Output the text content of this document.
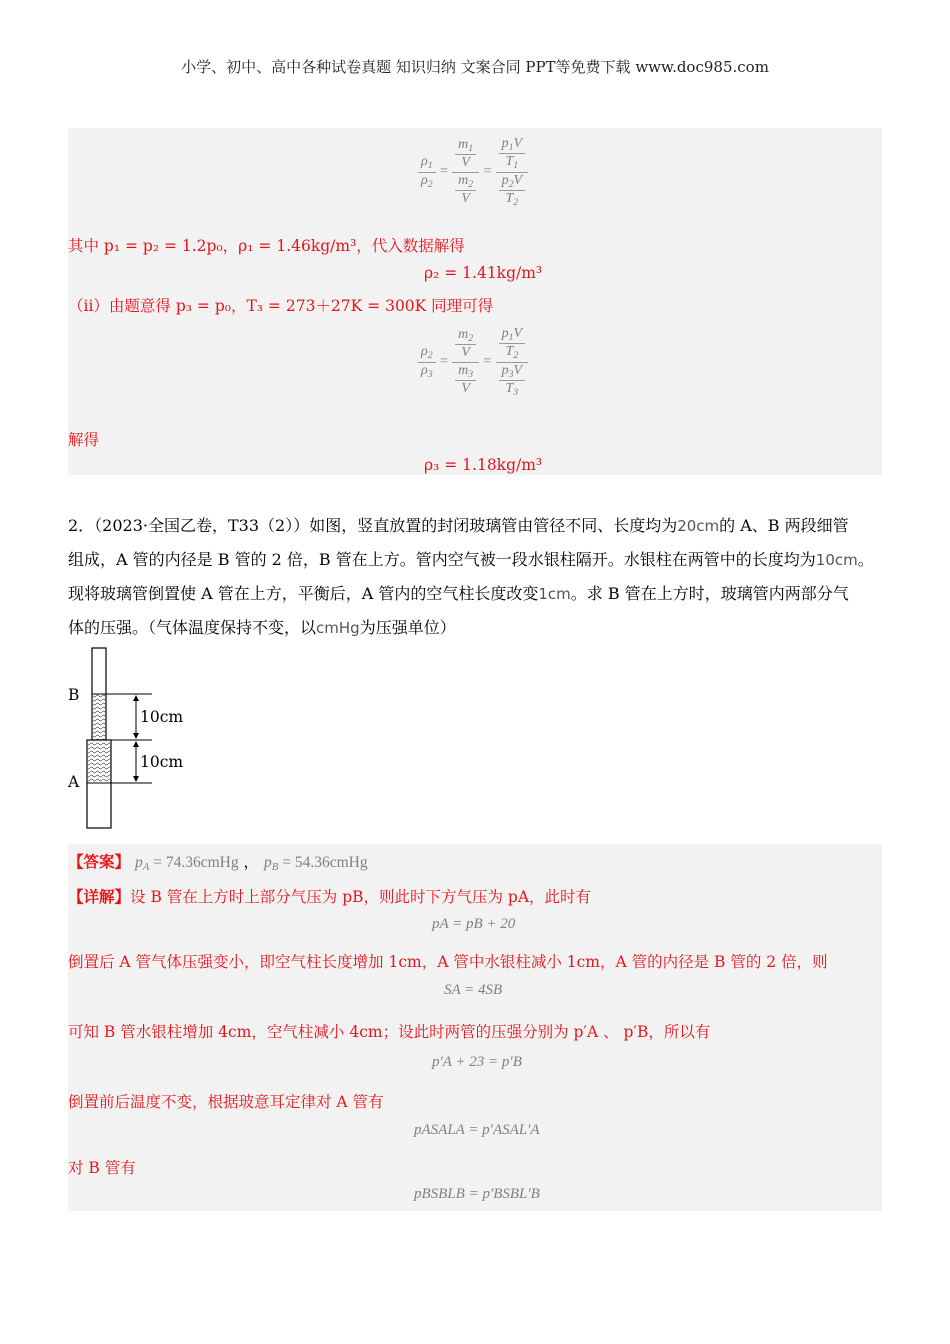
小学、初中、高中各种试卷真题 知识归纳 文案合同 PPT等免费下载 www.doc985.com
$\frac{\rho_1}{\rho_2} = \frac{\frac{m_1}{V}}{\frac{m_2}{V}} = \frac{\frac{p_1V}{T_1}}{\frac{p_2V}{T_2}}$
其中 p₁ = p₂ = 1.2p₀，ρ₁ = 1.46kg/m³，代入数据解得
ρ₂ = 1.41kg/m³
（ii）由题意得 p₃ = p₀，T₃ = 273＋27K = 300K 同理可得
$\frac{\rho_2}{\rho_3} = \frac{\frac{m_2}{V}}{\frac{m_3}{V}} = \frac{\frac{p_1V}{T_2}}{\frac{p_3V}{T_3}}$
解得
ρ₃ = 1.18kg/m³
2．（2023·全国乙卷，T33（2））如图，竖直放置的封闭玻璃管由管径不同、长度均为20cm的 A、B 两段细管
组成，A 管的内径是 B 管的 2 倍，B 管在上方。管内空气被一段水银柱隔开。水银柱在两管中的长度均为10cm。
现将玻璃管倒置使 A 管在上方，平衡后，A 管内的空气柱长度改变1cm。求 B 管在上方时，玻璃管内两部分气
体的压强。（气体温度保持不变，以cmHg为压强单位）
B
A
10cm
10cm
【答案】 $p_A$ = 74.36cmHg ， $p_B$ = 54.36cmHg
【详解】设 B 管在上方时上部分气压为 pB，则此时下方气压为 pA，此时有
pA = pB + 20
倒置后 A 管气体压强变小，即空气柱长度增加 1cm，A 管中水银柱减小 1cm，A 管的内径是 B 管的 2 倍，则
SA = 4SB
可知 B 管水银柱增加 4cm，空气柱减小 4cm；设此时两管的压强分别为 p′A 、 p′B，所以有
p′A + 23 = p′B
倒置前后温度不变，根据玻意耳定律对 A 管有
pASALA = p′ASAL′A
对 B 管有
pBSBLB = p′BSBL′B
